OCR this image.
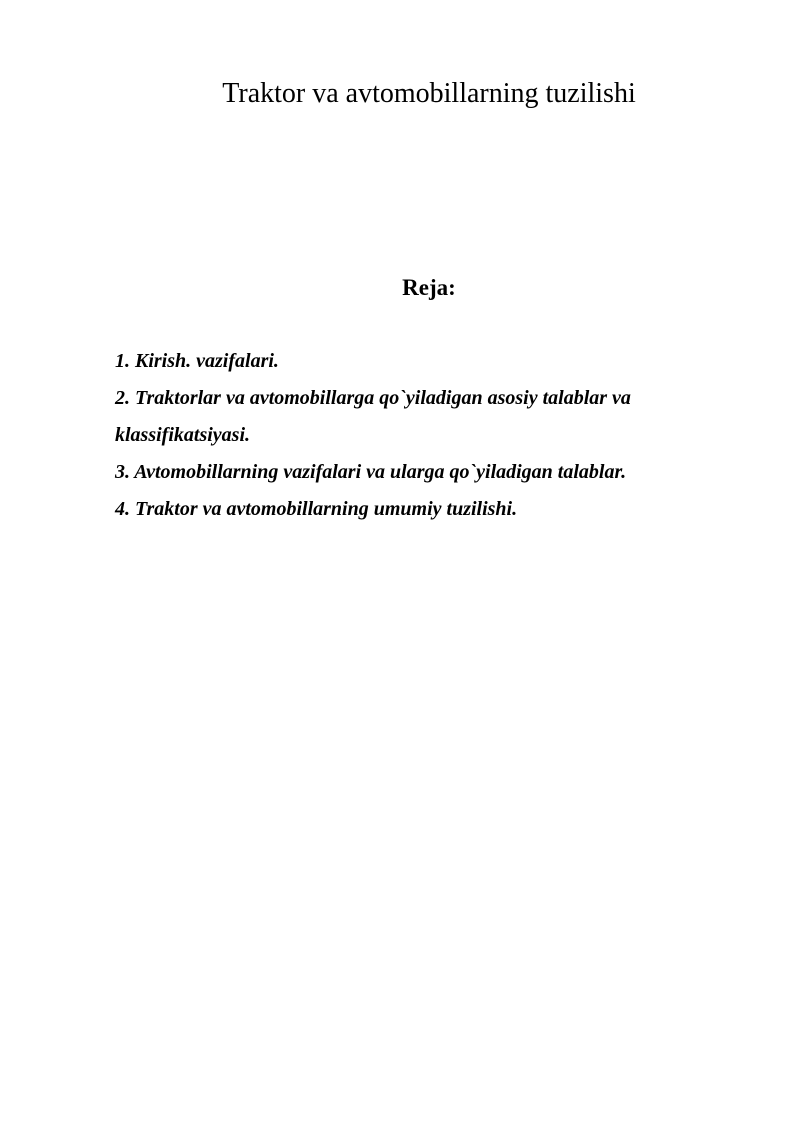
Traktor va avtomobillarning tuzilishi
Reja:
1. Kirish. vazifalari.
2. Traktorlar va avtomobillarga qo`yiladigan asosiy talablar va klassifikatsiyasi.
3. Avtomobillarning vazifalari va ularga qo`yiladigan talablar.
4. Traktor va avtomobillarning umumiy tuzilishi.
